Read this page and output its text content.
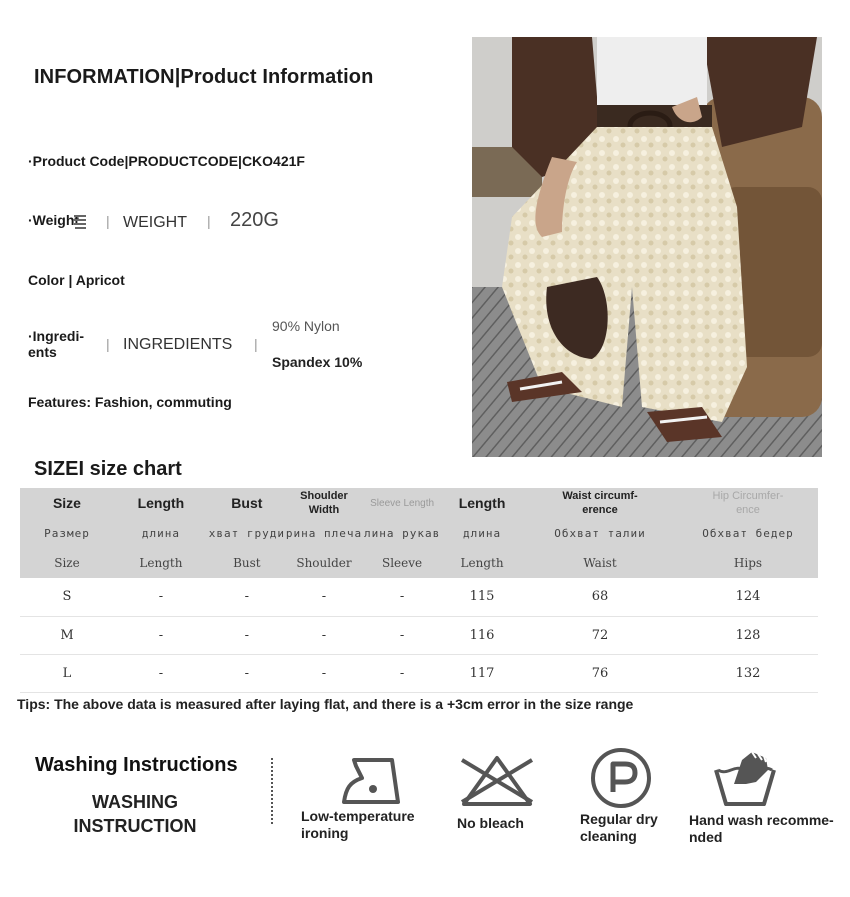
INFORMATION|Product Information
·Product Code|PRODUCTCODE|CKO421F
·Weight | WEIGHT | 220G
Color | Apricot
·Ingredi-ents	| INGREDIENTS |
90% Nylon
Spandex 10%
Features: Fashion, commuting
SIZEI size chart
Size	Length	Bust	Shoulder Width	Sleeve Length	Length	Waist circumf-erence	Hip Circumfer-ence
Размер	длина	хват груди	рина плеча	лина рукав	длина	Обхват талии	Обхват бедер
Size	Length	Bust	Shoulder	Sleeve	Length	Waist	Hips
S	-	-	-	-	115	68	124
M	-	-	-	-	116	72	128
L	-	-	-	-	117	76	132
Tips: The above data is measured after laying flat, and there is a +3cm error in the size range
Washing Instructions
WASHING
INSTRUCTION	Low-temperature
ironing
No bleach	Regular dry
cleaning
Hand wash recomme-
nded
